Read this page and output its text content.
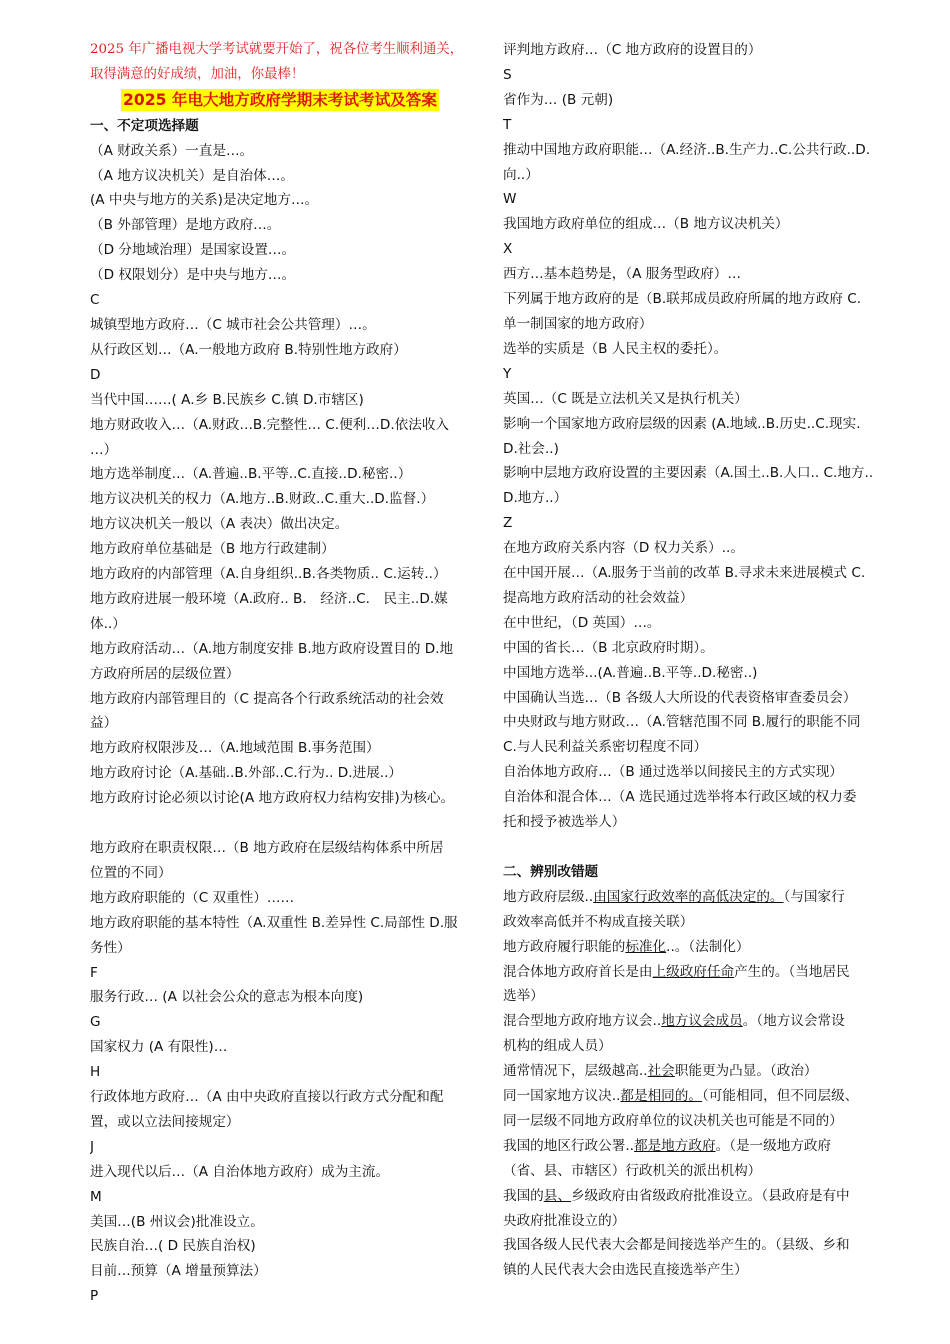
2025 年广播电视大学考试就要开始了，祝各位考生顺利通关，
取得满意的好成绩，加油，你最棒！
2025 年电大地方政府学期末考试考试及答案
一、不定项选择题
（A 财政关系）一直是…。
（A 地方议决机关）是自治体…。
(A 中央与地方的关系)是决定地方…。
（B 外部管理）是地方政府…。
（D 分地域治理）是国家设置…。
（D 权限划分）是中央与地方…。
C
城镇型地方政府…（C 城市社会公共管理）…。
从行政区划…（A.一般地方政府 B.特别性地方政府）
D
当代中国……( A.乡 B.民族乡 C.镇 D.市辖区)
地方财政收入…（A.财政…B.完整性… C.便利…D.依法收入
…）
地方选举制度…（A.普遍..B.平等..C.直接..D.秘密..）
地方议决机关的权力（A.地方..B.财政..C.重大..D.监督.）
地方议决机关一般以（A 表决）做出决定。
地方政府单位基础是（B 地方行政建制）
地方政府的内部管理（A.自身组织..B.各类物质.. C.运转..）
地方政府进展一般环境（A.政府.. B． 经济..C． 民主..D.媒
体..）
地方政府活动…（A.地方制度安排 B.地方政府设置目的 D.地
方政府所居的层级位置）
地方政府内部管理目的（C 提高各个行政系统活动的社会效
益）
地方政府权限涉及…（A.地域范围 B.事务范围）
地方政府讨论（A.基础..B.外部..C.行为.. D.进展..）
地方政府讨论必须以讨论(A 地方政府权力结构安排)为核心。
地方政府在职责权限…（B 地方政府在层级结构体系中所居
位置的不同）
地方政府职能的（C 双重性）……
地方政府职能的基本特性（A.双重性 B.差异性 C.局部性 D.服
务性）
F
服务行政… (A 以社会公众的意志为根本向度)
G
国家权力 (A 有限性)…
H
行政体地方政府…（A 由中央政府直接以行政方式分配和配
置，或以立法间接规定）
J
进入现代以后…（A 自治体地方政府）成为主流。
M
美国…(B 州议会)批准设立。
民族自治…( D 民族自治权)
目前…预算（A 增量预算法）
P
评判地方政府…（C 地方政府的设置目的）
S
省作为… (B 元朝)
T
推动中国地方政府职能…（A.经济..B.生产力..C.公共行政..D.
向..）
W
我国地方政府单位的组成…（B 地方议决机关）
X
西方…基本趋势是，（A 服务型政府）…
下列属于地方政府的是（B.联邦成员政府所属的地方政府 C.
单一制国家的地方政府）
选举的实质是（B 人民主权的委托）。
Y
英国…（C 既是立法机关又是执行机关）
影响一个国家地方政府层级的因素 (A.地域..B.历史..C.现实.
D.社会..)
影响中层地方政府设置的主要因素（A.国土..B.人口.. C.地方..
D.地方..）
Z
在地方政府关系内容（D 权力关系）..。
在中国开展…（A.服务于当前的改革 B.寻求未来进展模式 C.
提高地方政府活动的社会效益）
在中世纪，（D 英国）…。
中国的省长…（B 北京政府时期）。
中国地方选举...(A.普遍..B.平等..D.秘密..)
中国确认当选…（B 各级人大所设的代表资格审查委员会）
中央财政与地方财政…（A.管辖范围不同 B.履行的职能不同
C.与人民利益关系密切程度不同）
自治体地方政府…（B 通过选举以间接民主的方式实现）
自治体和混合体…（A 选民通过选举将本行政区域的权力委
托和授予被选举人）
二、辨别改错题
地方政府层级..由国家行政效率的高低决定的。（与国家行
政效率高低并不构成直接关联）
地方政府履行职能的标准化..。（法制化）
混合体地方政府首长是由上级政府任命产生的。（当地居民
选举）
混合型地方政府地方议会..地方议会成员。（地方议会常设
机构的组成人员）
通常情况下，层级越高..社会职能更为凸显。（政治）
同一国家地方议决..都是相同的。（可能相同，但不同层级、
同一层级不同地方政府单位的议决机关也可能是不同的）
我国的地区行政公署..都是地方政府。（是一级地方政府
（省、县、市辖区）行政机关的派出机构）
我国的县、乡级政府由省级政府批准设立。（县政府是有中
央政府批准设立的）
我国各级人民代表大会都是间接选举产生的。（县级、乡和
镇的人民代表大会由选民直接选举产生）
